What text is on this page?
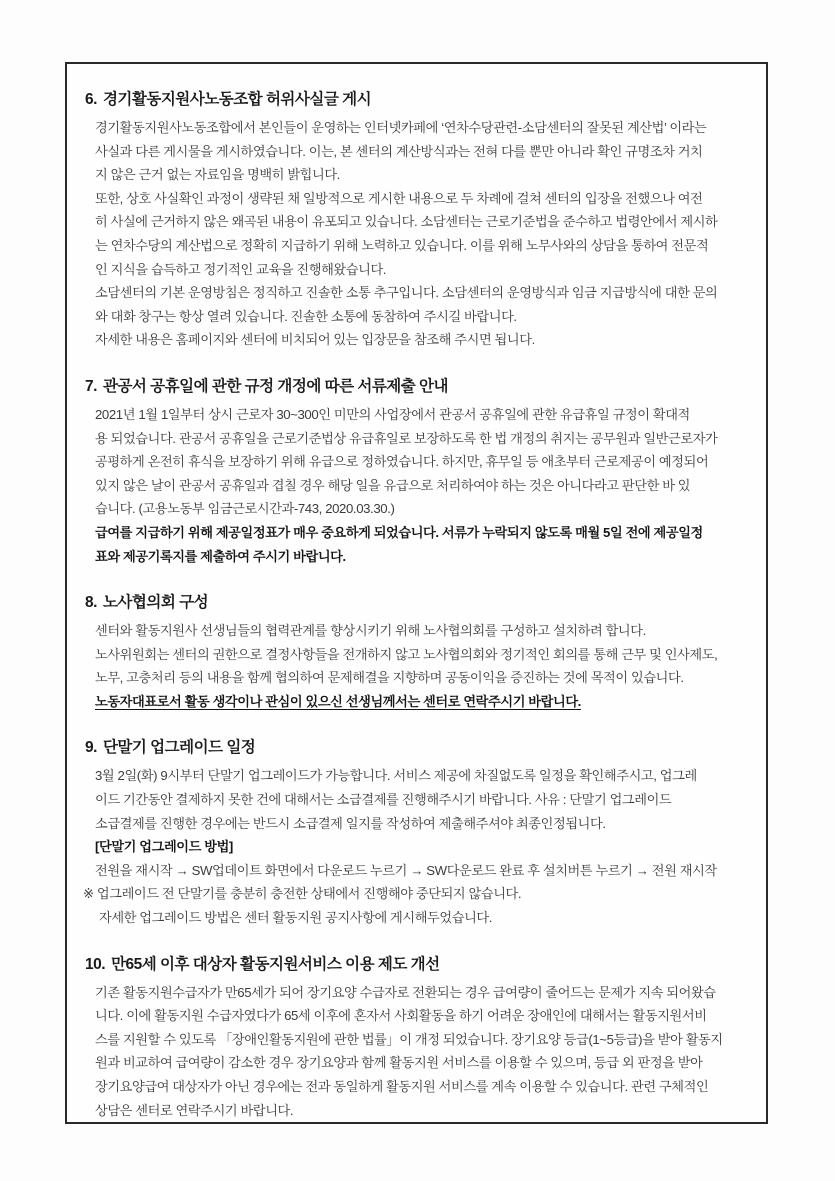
6. 경기활동지원사노동조합 허위사실글 게시
경기활동지원사노동조합에서 본인들이 운영하는 인터넷카페에 ‘연차수당관련-소담센터의 잘못된 계산법’ 이라는
사실과 다른 게시물을 게시하였습니다. 이는, 본 센터의 계산방식과는 전혀 다를 뿐만 아니라 확인 규명조차 거치
지 않은 근거 없는 자료임을 명백히 밝힙니다.
또한, 상호 사실확인 과정이 생략된 채 일방적으로 게시한 내용으로 두 차례에 걸쳐 센터의 입장을 전했으나 여전
히 사실에 근거하지 않은 왜곡된 내용이 유포되고 있습니다. 소담센터는 근로기준법을 준수하고 법령안에서 제시하
는 연차수당의 계산법으로 정확히 지급하기 위해 노력하고 있습니다. 이를 위해 노무사와의 상담을 통하여 전문적
인 지식을 습득하고 정기적인 교육을 진행해왔습니다.
소담센터의 기본 운영방침은 정직하고 진솔한 소통 추구입니다. 소담센터의 운영방식과 임금 지급방식에 대한 문의
와 대화 창구는 항상 열려 있습니다. 진솔한 소통에 동참하여 주시길 바랍니다.
자세한 내용은 홈페이지와 센터에 비치되어 있는 입장문을 참조해 주시면 됩니다.
7. 관공서 공휴일에 관한 규정 개정에 따른 서류제출 안내
2021년 1월 1일부터 상시 근로자 30~300인 미만의 사업장에서 관공서 공휴일에 관한 유급휴일 규정이 확대적
용 되었습니다. 관공서 공휴일을 근로기준법상 유급휴일로 보장하도록 한 법 개정의 취지는 공무원과 일반근로자가
공평하게 온전히 휴식을 보장하기 위해 유급으로 정하였습니다. 하지만, 휴무일 등 애초부터 근로제공이 예정되어
있지 않은 날이 관공서 공휴일과 겹칠 경우 해당 일을 유급으로 처리하여야 하는 것은 아니다라고 판단한 바 있
습니다. (고용노동부 임금근로시간과-743, 2020.03.30.)
급여를 지급하기 위해 제공일정표가 매우 중요하게 되었습니다. 서류가 누락되지 않도록 매월 5일 전에 제공일정
표와 제공기록지를 제출하여 주시기 바랍니다.
8. 노사협의회 구성
센터와 활동지원사 선생님들의 협력관계를 향상시키기 위해 노사협의회를 구성하고 설치하려 합니다.
노사위원회는 센터의 권한으로 결정사항들을 전개하지 않고 노사협의회와 정기적인 회의를 통해 근무 및 인사제도,
노무, 고충처리 등의 내용을 함께 협의하여 문제해결을 지향하며 공동이익을 증진하는 것에 목적이 있습니다.
노동자대표로서 활동 생각이나 관심이 있으신 선생님께서는 센터로 연락주시기 바랍니다.
9. 단말기 업그레이드 일정
3월 2일(화) 9시부터 단말기 업그레이드가 가능합니다. 서비스 제공에 차질없도록 일정을 확인해주시고, 업그레
이드 기간동안 결제하지 못한 건에 대해서는 소급결제를 진행해주시기 바랍니다. 사유 : 단말기 업그레이드
소급결제를 진행한 경우에는 반드시 소급결제 일지를 작성하여 제출해주셔야 최종인정됩니다.
[단말기 업그레이드 방법]
전원을 재시작 → SW업데이트 화면에서 다운로드 누르기 → SW다운로드 완료 후 설치버튼 누르기 → 전원 재시작
※ 업그레이드 전 단말기를 충분히 충전한 상태에서 진행해야 중단되지 않습니다.
자세한 업그레이드 방법은 센터 활동지원 공지사항에 게시해두었습니다.
10. 만65세 이후 대상자 활동지원서비스 이용 제도 개선
기존 활동지원수급자가 만65세가 되어 장기요양 수급자로 전환되는 경우 급여량이 줄어드는 문제가 지속 되어왔습
니다. 이에 활동지원 수급자였다가 65세 이후에 혼자서 사회활동을 하기 어려운 장애인에 대해서는 활동지원서비
스를 지원할 수 있도록 「장애인활동지원에 관한 법률」이 개정 되었습니다. 장기요양 등급(1~5등급)을 받아 활동지
원과 비교하여 급여량이 감소한 경우 장기요양과 함께 활동지원 서비스를 이용할 수 있으며, 등급 외 판정을 받아
장기요양급여 대상자가 아닌 경우에는 전과 동일하게 활동지원 서비스를 계속 이용할 수 있습니다. 관련 구체적인
상담은 센터로 연락주시기 바랍니다.
